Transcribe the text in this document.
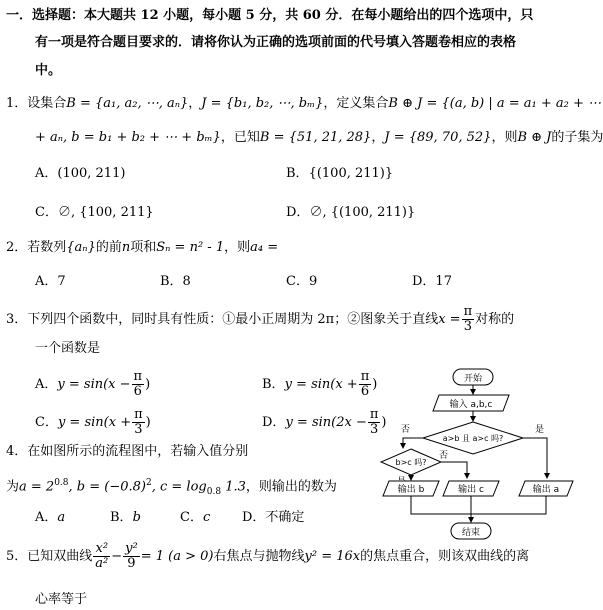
一．选择题：本大题共 12 小题，每小题 5 分，共 60 分．在每小题给出的四个选项中，只
有一项是符合题目要求的．请将你认为正确的选项前面的代号填入答题卷相应的表格
中。
1．设集合B = {a₁, a₂, ⋯, aₙ}，J = {b₁, b₂, ⋯, bₘ}，定义集合B ⊕ J = {(a, b) | a = a₁ + a₂ + ⋯
+ aₙ, b = b₁ + b₂ + ⋯ + bₘ}，已知B = {51, 21, 28}，J = {89, 70, 52}，则B ⊕ J的子集为
A．(100, 211)	B．{(100, 211)}
C．∅, {100, 211}	D．∅, {(100, 211)}
2．若数列{aₙ}的前n项和Sₙ = n² - 1，则a₄ =
A．7	B．8	C．9	D．17
3．下列四个函数中，同时具有性质：①最小正周期为 2π；②图象关于直线$x = \frac{\pi}{3}$ 对称的
一个函数是
A．$y = \sin(x - \frac{\pi}{6}$ )	B．$y = \sin(x + \frac{\pi}{6}$ )
C．$y = \sin(x + \frac{\pi}{3}$ )	D．$y = \sin(2x - \frac{\pi}{3}$ )
4．在如图所示的流程图中，若输入值分别
为$a = 2^{0.8}$, $b = (-0.8)^2$, $c = \log_{0.8} 1.3$，则输出的数为
A．a	B．b	C．c D．不确定
开始
输入 a,b,c
a>b 且 a>c 吗?
否	是
b>c 吗?
否
输出 b	输出 c	输出 a
结束
5．已知双曲线 $\frac{\text{x²}}{\text{a²}} - \frac{\text{y²}}{9} = 1$ (a > 0)右焦点与抛物线y² = 16x的焦点重合，则该双曲线的离
心率等于
